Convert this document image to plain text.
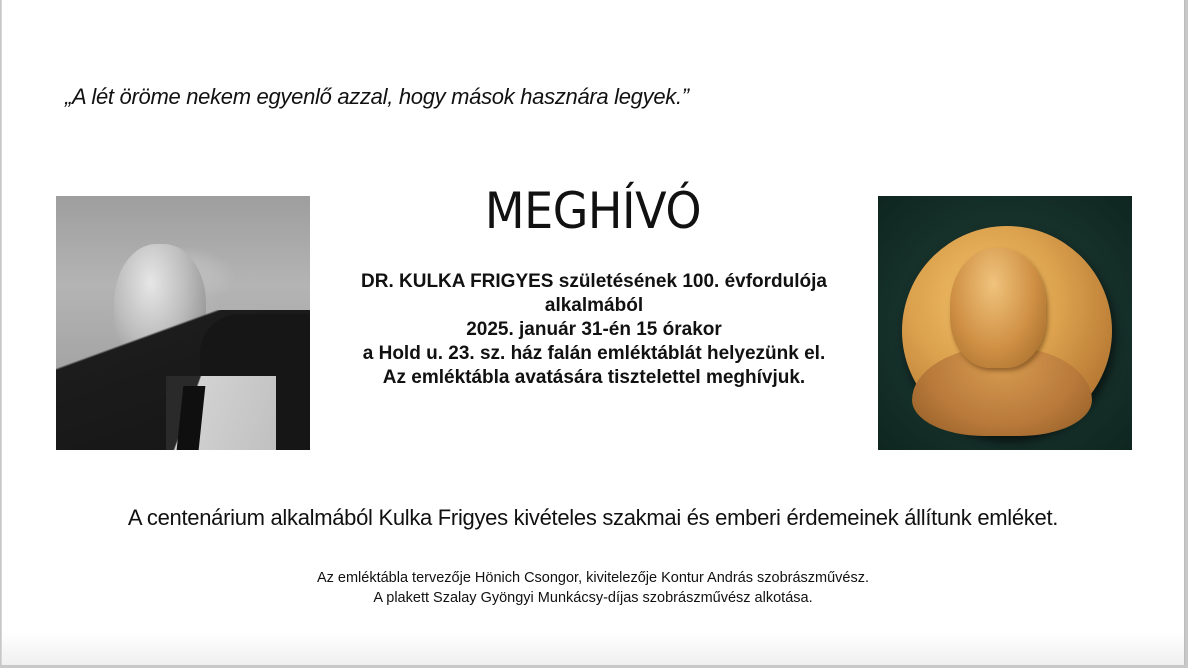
„A lét öröme nekem egyenlő azzal, hogy mások hasznára legyek.”
MEGHÍVÓ
DR. KULKA FRIGYES születésének 100. évfordulója
alkalmából
2025. január 31-én 15 órakor
a Hold u. 23. sz. ház falán emléktáblát helyezünk el.
Az emléktábla avatására tisztelettel meghívjuk.
A centenárium alkalmából Kulka Frigyes kivételes szakmai és emberi érdemeinek állítunk emléket.
Az emléktábla tervezője Hönich Csongor, kivitelezője Kontur András szobrászművész.
A plakett Szalay Gyöngyi Munkácsy-díjas szobrászművész alkotása.
